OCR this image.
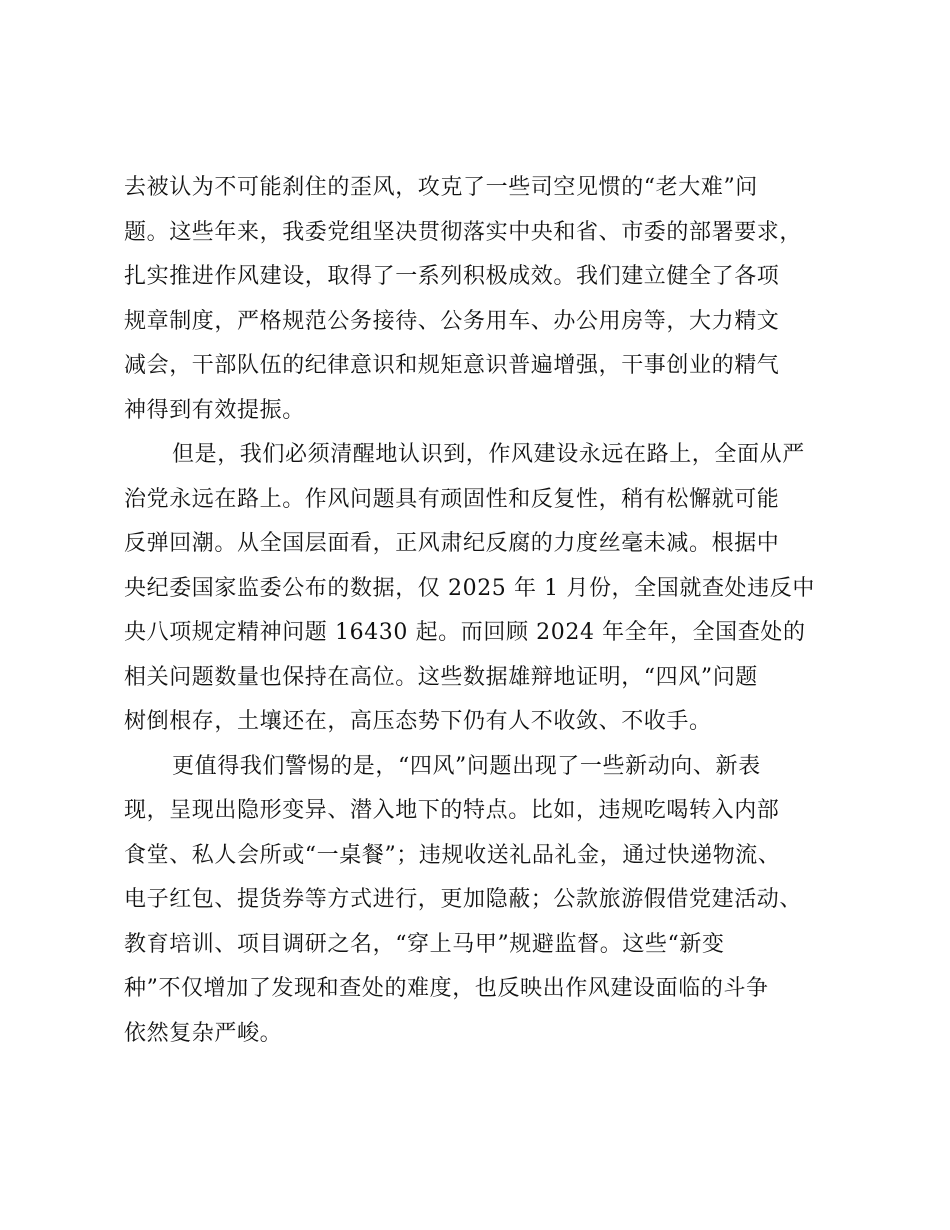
去被认为不可能刹住的歪风，攻克了一些司空见惯的“老大难”问
题。这些年来，我委党组坚决贯彻落实中央和省、市委的部署要求，
扎实推进作风建设，取得了一系列积极成效。我们建立健全了各项
规章制度，严格规范公务接待、公务用车、办公用房等，大力精文
减会，干部队伍的纪律意识和规矩意识普遍增强，干事创业的精气
神得到有效提振。
但是，我们必须清醒地认识到，作风建设永远在路上，全面从严
治党永远在路上。作风问题具有顽固性和反复性，稍有松懈就可能
反弹回潮。从全国层面看，正风肃纪反腐的力度丝毫未减。根据中
央纪委国家监委公布的数据，仅 2025 年 1 月份，全国就查处违反中
央八项规定精神问题 16430 起。而回顾 2024 年全年，全国查处的
相关问题数量也保持在高位。这些数据雄辩地证明，“四风”问题
树倒根存，土壤还在，高压态势下仍有人不收敛、不收手。
更值得我们警惕的是，“四风”问题出现了一些新动向、新表
现，呈现出隐形变异、潜入地下的特点。比如，违规吃喝转入内部
食堂、私人会所或“一桌餐”；违规收送礼品礼金，通过快递物流、
电子红包、提货券等方式进行，更加隐蔽；公款旅游假借党建活动、
教育培训、项目调研之名，“穿上马甲”规避监督。这些“新变
种”不仅增加了发现和查处的难度，也反映出作风建设面临的斗争
依然复杂严峻。
